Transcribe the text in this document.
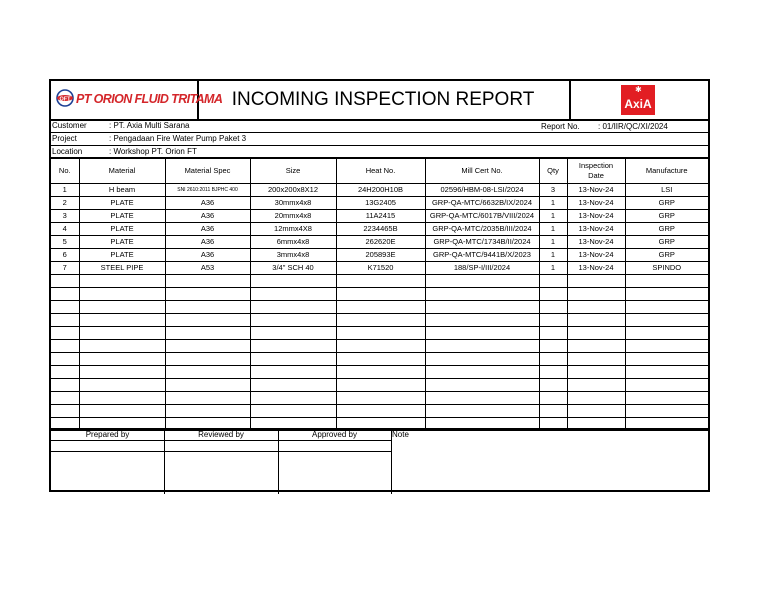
OFT PT ORION FLUID TRITAMA INCOMING INSPECTION REPORT	✱
AxiA
Customer	: PT. Axia Multi Sarana
Project	: Pengadaan Fire Water Pump Paket 3
Location	: Workshop PT. Orion FT
Report No. : 01/IIR/QC/XI/2024
No.	Material	Material Spec	Size	Heat No.	Mill Cert No.	Qty	Inspection Date	Manufacture
1	H beam	SNI 2610:2011 BJPHC 400	200x200x8X12	24H200H10B	02596/HBM-08-LSI/2024	3	13-Nov-24	LSI
2	PLATE	A36	30mmx4x8	13G2405	GRP-QA-MTC/6632B/IX/2024	1	13-Nov-24	GRP
3	PLATE	A36	20mmx4x8	11A2415	GRP-QA-MTC/6017B/VIII/2024	1	13-Nov-24	GRP
4	PLATE	A36	12mmx4X8	2234465B	GRP-QA-MTC/2035B/III/2024	1	13-Nov-24	GRP
5	PLATE	A36	6mmx4x8	262620E	GRP-QA-MTC/1734B/II/2024	1	13-Nov-24	GRP
6	PLATE	A36	3mmx4x8	205893E	GRP-QA-MTC/9441B/X/2023	1	13-Nov-24	GRP
7	STEEL PIPE	A53	3/4" SCH 40	K71520	188/SP-I/III/2024	1	13-Nov-24	SPINDO

Prepared by	Reviewed by	Approved by	Note
